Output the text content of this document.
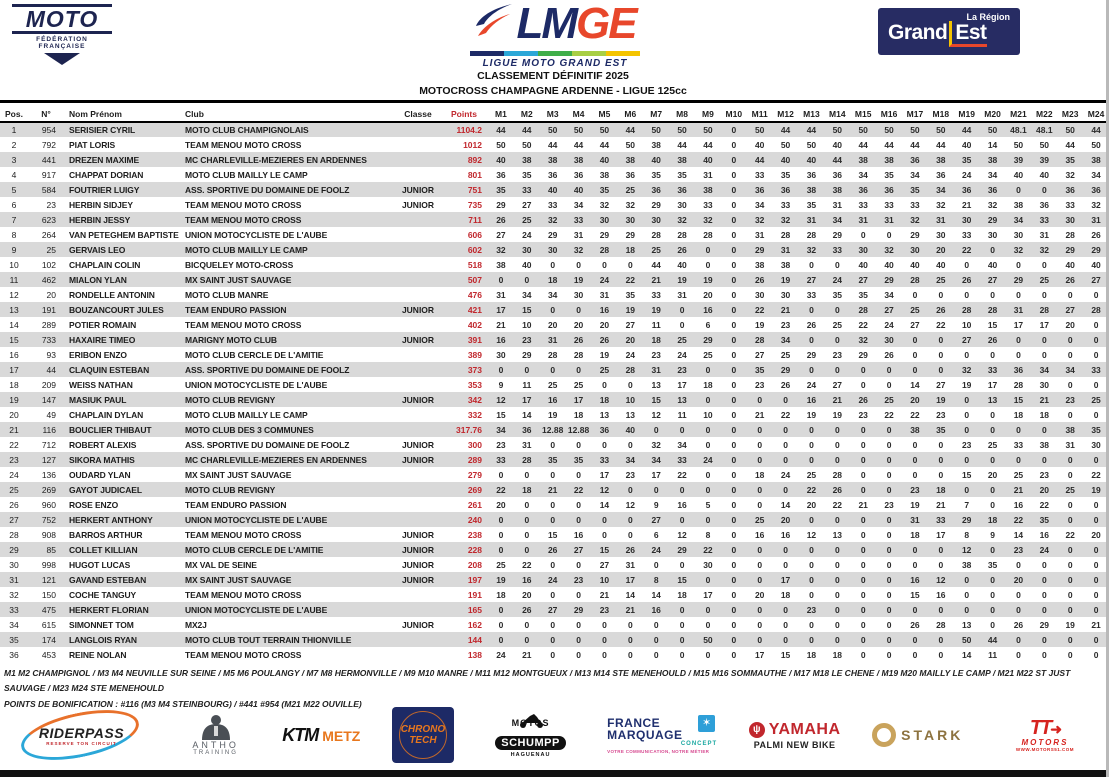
MOTO
FÉDÉRATION
FRANÇAISE	LMGE
LIGUE MOTO GRAND EST
La Région
Grand Est
CLASSEMENT DÉFINITIF 2025
MOTOCROSS CHAMPAGNE ARDENNE - LIGUE 125cc
Pos.	N°	Nom Prénom	Club	Classe	Points	M1	M2	M3	M4	M5	M6	M7	M8	M9	M10	M11	M12	M13	M14	M15	M16	M17	M18	M19	M20	M21	M22	M23	M24
1	954	SERISIER CYRIL	MOTO CLUB CHAMPIGNOLAIS		1104.2	44	44	50	50	50	44	50	50	50	0	50	44	44	50	50	50	50	50	44	50	48.1	48.1	50	44
2	792	PIAT LORIS	TEAM MENOU MOTO CROSS		1012	50	50	44	44	44	50	38	44	44	0	40	50	50	40	44	44	44	44	40	14	50	50	44	50
3	441	DREZEN MAXIME	MC CHARLEVILLE-MEZIERES EN ARDENNES		892	40	38	38	38	40	38	40	38	40	0	44	40	40	44	38	38	36	38	35	38	39	39	35	38
4	917	CHAPPAT DORIAN	MOTO CLUB MAILLY LE CAMP		801	36	35	36	36	38	36	35	35	31	0	33	35	36	36	34	35	34	36	24	34	40	40	32	34
5	584	FOUTRIER LUIGY	ASS. SPORTIVE DU DOMAINE DE FOOLZ	JUNIOR	751	35	33	40	40	35	25	36	36	38	0	36	36	38	38	36	36	35	34	36	36	0	0	36	36
6	23	HERBIN SIDJEY	TEAM MENOU MOTO CROSS	JUNIOR	735	29	27	33	34	32	32	29	30	33	0	34	33	35	31	33	33	33	32	21	32	38	36	33	32
7	623	HERBIN JESSY	TEAM MENOU MOTO CROSS		711	26	25	32	33	30	30	30	32	32	0	32	32	31	34	31	31	32	31	30	29	34	33	30	31
8	264	VAN PETEGHEM BAPTISTE	UNION MOTOCYCLISTE DE L'AUBE		606	27	24	29	31	29	29	28	28	28	0	31	28	28	29	0	0	29	30	33	30	30	31	28	26
9	25	GERVAIS LEO	MOTO CLUB MAILLY LE CAMP		602	32	30	30	32	28	18	25	26	0	0	29	31	32	33	30	32	30	20	22	0	32	32	29	29
10	102	CHAPLAIN COLIN	BICQUELEY MOTO-CROSS		518	38	40	0	0	0	0	44	40	0	0	38	38	0	0	40	40	40	40	0	40	0	0	40	40
11	462	MIALON YLAN	MX SAINT JUST SAUVAGE		507	0	0	18	19	24	22	21	19	19	0	26	19	27	24	27	29	28	25	26	27	29	25	26	27
12	20	RONDELLE ANTONIN	MOTO CLUB MANRE		476	31	34	34	30	31	35	33	31	20	0	30	30	33	35	35	34	0	0	0	0	0	0	0	0
13	191	BOUZANCOURT JULES	TEAM ENDURO PASSION	JUNIOR	421	17	15	0	0	16	19	19	0	16	0	22	21	0	0	28	27	25	26	28	28	31	28	27	28
14	289	POTIER ROMAIN	TEAM MENOU MOTO CROSS		402	21	10	20	20	20	27	11	0	6	0	19	23	26	25	22	24	27	22	10	15	17	17	20	0
15	733	HAXAIRE TIMEO	MARIGNY MOTO CLUB	JUNIOR	391	16	23	31	26	26	20	18	25	29	0	28	34	0	0	32	30	0	0	27	26	0	0	0	0
16	93	ERIBON ENZO	MOTO CLUB CERCLE DE L'AMITIE		389	30	29	28	28	19	24	23	24	25	0	27	25	29	23	29	26	0	0	0	0	0	0	0	0
17	44	CLAQUIN ESTEBAN	ASS. SPORTIVE DU DOMAINE DE FOOLZ		373	0	0	0	0	25	28	31	23	0	0	35	29	0	0	0	0	0	0	32	33	36	34	34	33
18	209	WEISS NATHAN	UNION MOTOCYCLISTE DE L'AUBE		353	9	11	25	25	0	0	13	17	18	0	23	26	24	27	0	0	14	27	19	17	28	30	0	0
19	147	MASIUK PAUL	MOTO CLUB REVIGNY	JUNIOR	342	12	17	16	17	18	10	15	13	0	0	0	0	16	21	26	25	20	19	0	13	15	21	23	25
20	49	CHAPLAIN DYLAN	MOTO CLUB MAILLY LE CAMP		332	15	14	19	18	13	13	12	11	10	0	21	22	19	19	23	22	22	23	0	0	18	18	0	0
21	116	BOUCLIER THIBAUT	MOTO CLUB DES 3 COMMUNES		317.76	34	36	12.88	12.88	36	40	0	0	0	0	0	0	0	0	0	0	38	35	0	0	0	0	38	35
22	712	ROBERT ALEXIS	ASS. SPORTIVE DU DOMAINE DE FOOLZ	JUNIOR	300	23	31	0	0	0	0	32	34	0	0	0	0	0	0	0	0	0	0	23	25	33	38	31	30
23	127	SIKORA MATHIS	MC CHARLEVILLE-MEZIERES EN ARDENNES	JUNIOR	289	33	28	35	35	33	34	34	33	24	0	0	0	0	0	0	0	0	0	0	0	0	0	0	0
24	136	OUDARD YLAN	MX SAINT JUST SAUVAGE		279	0	0	0	0	17	23	17	22	0	0	18	24	25	28	0	0	0	0	15	20	25	23	0	22
25	269	GAYOT JUDICAEL	MOTO CLUB REVIGNY		269	22	18	21	22	12	0	0	0	0	0	0	0	22	26	0	0	23	18	0	0	21	20	25	19
26	960	ROSE ENZO	TEAM ENDURO PASSION		261	20	0	0	0	14	12	9	16	5	0	0	14	20	22	21	23	19	21	7	0	16	22	0	0
27	752	HERKERT ANTHONY	UNION MOTOCYCLISTE DE L'AUBE		240	0	0	0	0	0	0	27	0	0	0	25	20	0	0	0	0	31	33	29	18	22	35	0	0
28	908	BARROS ARTHUR	TEAM MENOU MOTO CROSS	JUNIOR	238	0	0	15	16	0	0	6	12	8	0	16	16	12	13	0	0	18	17	8	9	14	16	22	20
29	85	COLLET KILLIAN	MOTO CLUB CERCLE DE L'AMITIE	JUNIOR	228	0	0	26	27	15	26	24	29	22	0	0	0	0	0	0	0	0	0	12	0	23	24	0	0
30	998	HUGOT LUCAS	MX VAL DE SEINE	JUNIOR	208	25	22	0	0	27	31	0	0	30	0	0	0	0	0	0	0	0	0	38	35	0	0	0	0
31	121	GAVAND ESTEBAN	MX SAINT JUST SAUVAGE	JUNIOR	197	19	16	24	23	10	17	8	15	0	0	0	17	0	0	0	0	16	12	0	0	20	0	0	0
32	150	COCHE TANGUY	TEAM MENOU MOTO CROSS		191	18	20	0	0	21	14	14	18	17	0	20	18	0	0	0	0	15	16	0	0	0	0	0	0
33	475	HERKERT FLORIAN	UNION MOTOCYCLISTE DE L'AUBE		165	0	26	27	29	23	21	16	0	0	0	0	0	23	0	0	0	0	0	0	0	0	0	0	0
34	615	SIMONNET TOM	MX2J	JUNIOR	162	0	0	0	0	0	0	0	0	0	0	0	0	0	0	0	0	26	28	13	0	26	29	19	21
35	174	LANGLOIS RYAN	MOTO CLUB TOUT TERRAIN THIONVILLE		144	0	0	0	0	0	0	0	0	50	0	0	0	0	0	0	0	0	0	50	44	0	0	0	0
36	453	REINE NOLAN	TEAM MENOU MOTO CROSS		138	24	21	0	0	0	0	0	0	0	0	17	15	18	18	0	0	0	0	14	11	0	0	0	0
M1 M2 CHAMPIGNOL / M3 M4 NEUVILLE SUR SEINE / M5 M6 POULANGY / M7 M8 HERMONVILLE / M9 M10 MANRE / M11 M12 MONTGUEUX / M13 M14 STE MENEHOULD / M15 M16 SOMMAUTHE / M17 M18 LE CHENE / M19 M20 MAILLY LE CAMP / M21 M22 ST JUST SAUVAGE / M23 M24 STE MENEHOULD
POINTS DE BONIFICATION : #116 (M3 M4 STEINBOURG) / #441 #954 (M21 M22 OUVILLE)
RIDERPASS
RESERVE TON CIRCUIT	ANTHO
TRAINING
KTM METZ	CHRONO
TECH

MOTOS
SCHUMPP
HAGUENAU
✶
FRANCE
MARQUAGE
CONCEPT
VOTRE COMMUNICATION, NOTRE MÉTIER
ψ YAMAHA
PALMI NEW BIKE
STARK	TT➜
MOTORS
WWW.MOTORS51.COM
